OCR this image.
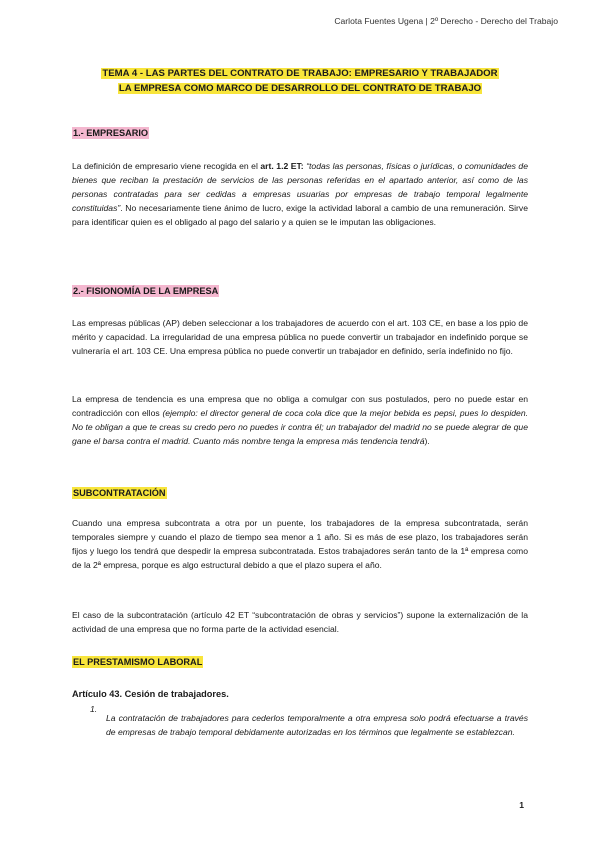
Carlota Fuentes Ugena | 2º Derecho - Derecho del Trabajo
TEMA 4 - LAS PARTES DEL CONTRATO DE TRABAJO: EMPRESARIO Y TRABAJADOR
LA EMPRESA COMO MARCO DE DESARROLLO DEL CONTRATO DE TRABAJO
1.- EMPRESARIO

La definición de empresario viene recogida en el art. 1.2 ET: “todas las personas, físicas o jurídicas, o comunidades de bienes que reciban la prestación de servicios de las personas referidas en el apartado anterior, así como de las personas contratadas para ser cedidas a empresas usuarias por empresas de trabajo temporal legalmente constituidas”. No necesariamente tiene ánimo de lucro, exige la actividad laboral a cambio de una remuneración. Sirve para identificar quien es el obligado al pago del salario y a quien se le imputan las obligaciones.

2.- FISIONOMÍA DE LA EMPRESA

Las empresas públicas (AP) deben seleccionar a los trabajadores de acuerdo con el art. 103 CE, en base a los ppio de mérito y capacidad. La irregularidad de una empresa pública no puede convertir un trabajador en indefinido porque se vulneraría el art. 103 CE. Una empresa pública no puede convertir un trabajador en definido, sería indefinido no fijo.

La empresa de tendencia es una empresa que no obliga a comulgar con sus postulados, pero no puede estar en contradicción con ellos (ejemplo: el director general de coca cola dice que la mejor bebida es pepsi, pues lo despiden. No te obligan a que te creas su credo pero no puedes ir contra él; un trabajador del madrid no se puede alegrar de que gane el barsa contra el madrid. Cuanto más nombre tenga la empresa más tendencia tendrá).

SUBCONTRATACIÓN

Cuando una empresa subcontrata a otra por un puente, los trabajadores de la empresa subcontratada, serán temporales siempre y cuando el plazo de tiempo sea menor a 1 año. Si es más de ese plazo, los trabajadores serán fijos y luego los tendrá que despedir la empresa subcontratada. Estos trabajadores serán tanto de la 1ª empresa como de la 2ª empresa, porque es algo estructural debido a que el plazo supera el año.

El caso de la subcontratación (artículo 42 ET “subcontratación de obras y servicios”) supone la externalización de la actividad de una empresa que no forma parte de la actividad esencial.

EL PRESTAMISMO LABORAL
Artículo 43. Cesión de trabajadores.
1.

La contratación de trabajadores para cederlos temporalmente a otra empresa solo podrá efectuarse a través de empresas de trabajo temporal debidamente autorizadas en los términos que legalmente se establezcan.

1
